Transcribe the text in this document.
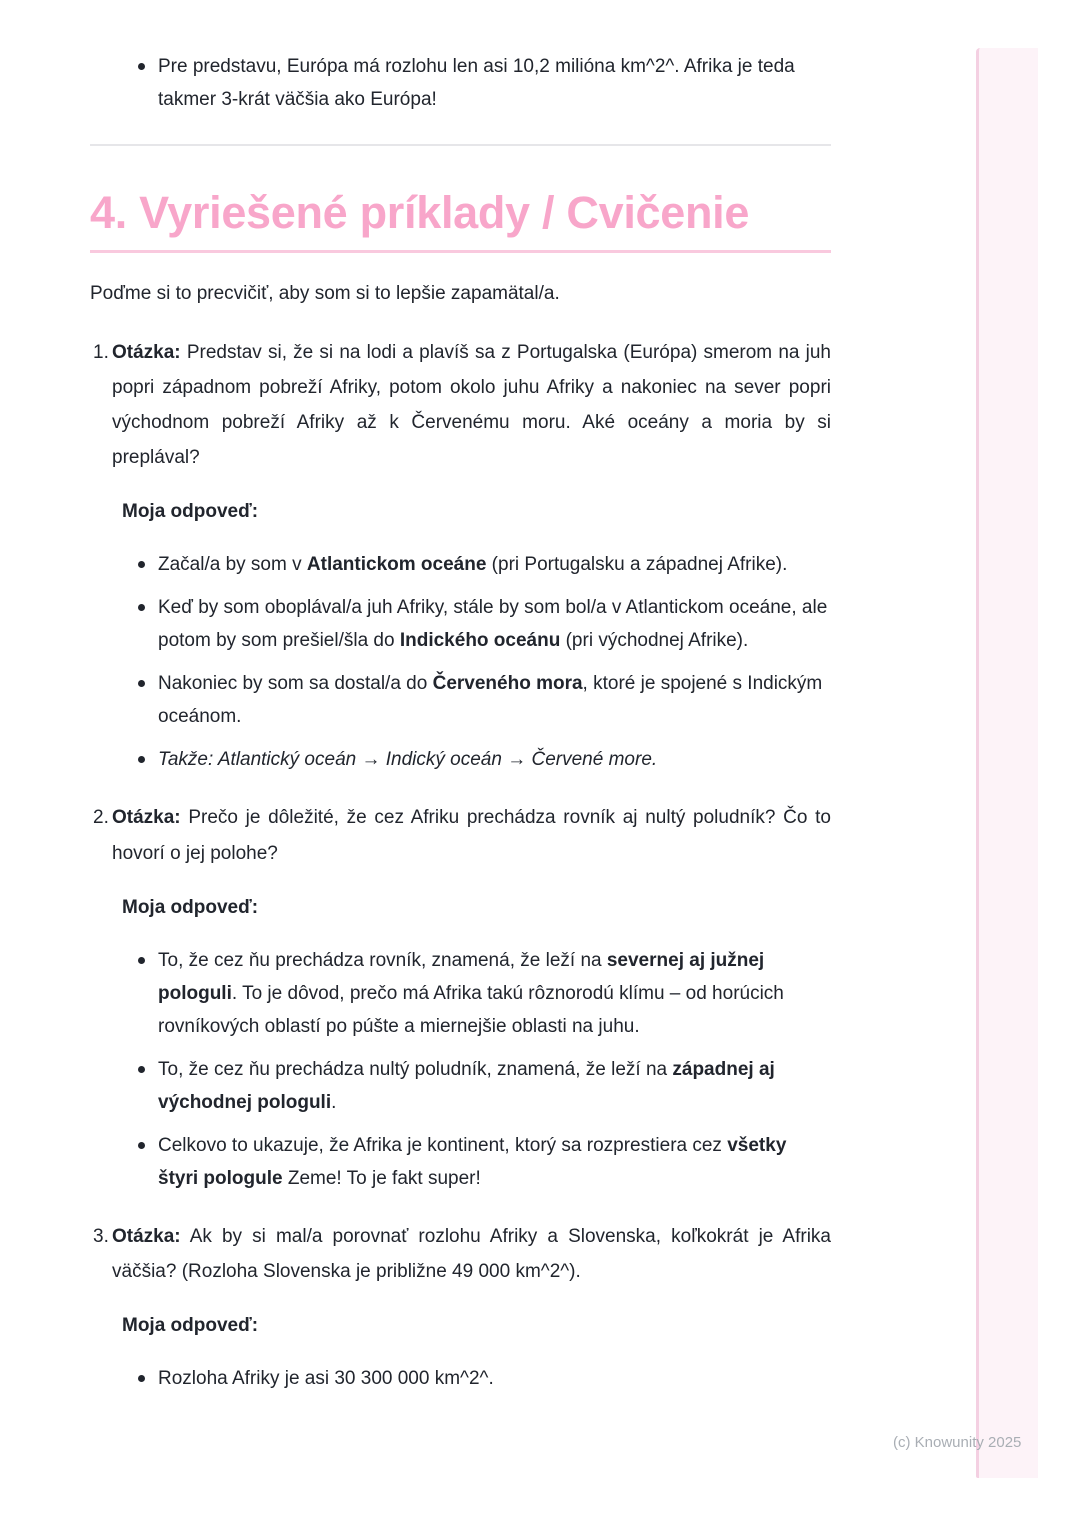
Pre predstavu, Európa má rozlohu len asi 10,2 milióna km^2^. Afrika je teda takmer 3-krát väčšia ako Európa!

4. Vyriešené príklady / Cvičenie

Poďme si to precvičiť, aby som si to lepšie zapamätal/a.

1. Otázka: Predstav si, že si na lodi a plavíš sa z Portugalska (Európa) smerom na juh popri západnom pobreží Afriky, potom okolo juhu Afriky a nakoniec na sever popri východnom pobreží Afriky až k Červenému moru. Aké oceány a moria by si preplával?

Moja odpoveď:

Začal/a by som v Atlantickom oceáne (pri Portugalsku a západnej Afrike).

Keď by som oboplával/a juh Afriky, stále by som bol/a v Atlantickom oceáne, ale potom by som prešiel/šla do Indického oceánu (pri východnej Afrike).

Nakoniec by som sa dostal/a do Červeného mora, ktoré je spojené s Indickým oceánom.

Takže: Atlantický oceán → Indický oceán → Červené more.

2. Otázka: Prečo je dôležité, že cez Afriku prechádza rovník aj nultý poludník? Čo to hovorí o jej polohe?

Moja odpoveď:

To, že cez ňu prechádza rovník, znamená, že leží na severnej aj južnej pologuli. To je dôvod, prečo má Afrika takú rôznorodú klímu – od horúcich rovníkových oblastí po púšte a miernejšie oblasti na juhu.

To, že cez ňu prechádza nultý poludník, znamená, že leží na západnej aj východnej pologuli.

Celkovo to ukazuje, že Afrika je kontinent, ktorý sa rozprestiera cez všetky štyri pologule Zeme! To je fakt super!

3. Otázka: Ak by si mal/a porovnať rozlohu Afriky a Slovenska, koľkokrát je Afrika väčšia? (Rozloha Slovenska je približne 49 000 km^2^).

Moja odpoveď:

Rozloha Afriky je asi 30 300 000 km^2^.

(c) Knowunity 2025
